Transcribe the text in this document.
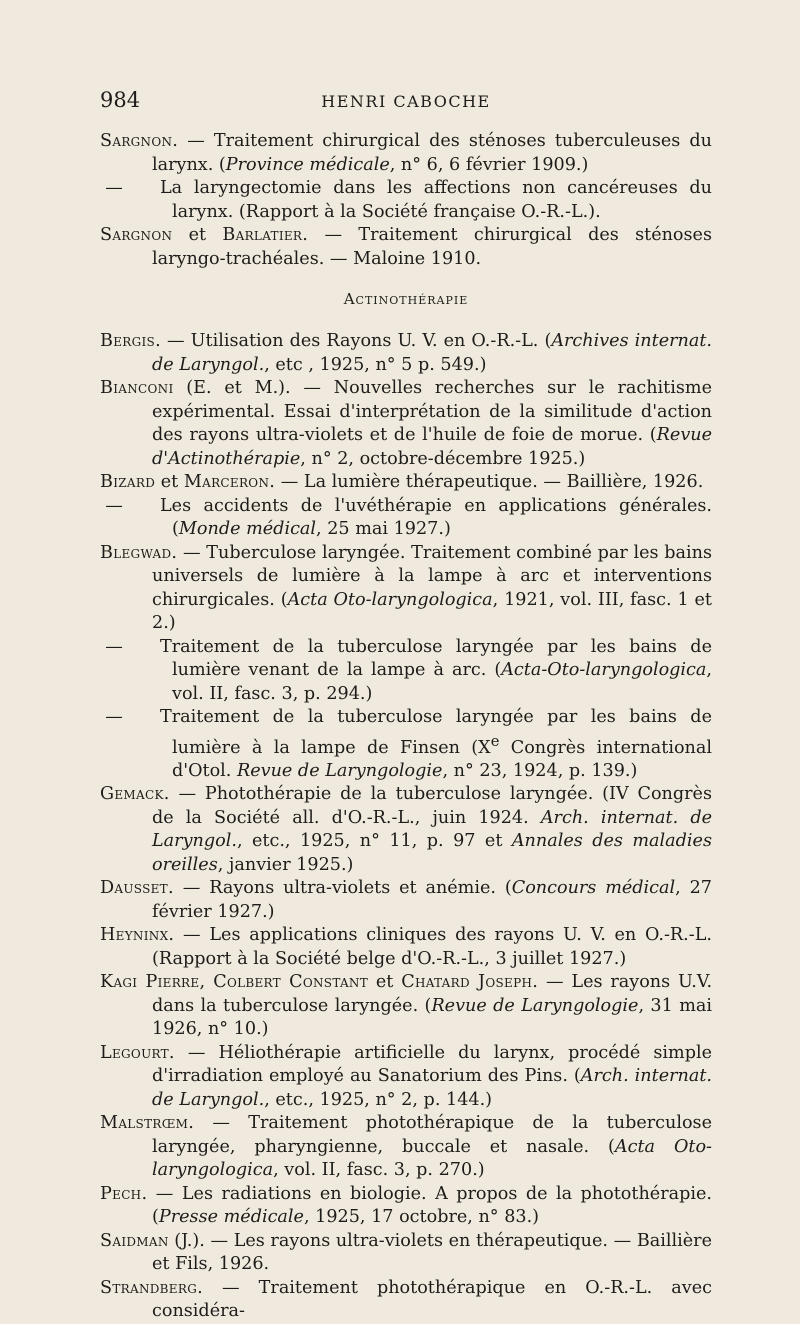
984	HENRI CABOCHE
Sargnon. — Traitement chirurgical des sténoses tuberculeuses du larynx. (Province médicale, n° 6, 6 février 1909.)
— La laryngectomie dans les affections non cancéreuses du larynx. (Rapport à la Société française O.-R.-L.).
Sargnon et Barlatier. — Traitement chirurgical des sténoses laryngo-trachéales. — Maloine 1910.
Actinothérapie
Bergis. — Utilisation des Rayons U. V. en O.-R.-L. (Archives internat. de Laryngol., etc , 1925, n° 5 p. 549.)
Bianconi (E. et M.). — Nouvelles recherches sur le rachitisme expérimental. Essai d'interprétation de la similitude d'action des rayons ultra-violets et de l'huile de foie de morue. (Revue d'Actinothérapie, n° 2, octobre-décembre 1925.)
Bizard et Marceron. — La lumière thérapeutique. — Baillière, 1926.
— Les accidents de l'uvéthérapie en applications générales. (Monde médical, 25 mai 1927.)
Blegwad. — Tuberculose laryngée. Traitement combiné par les bains universels de lumière à la lampe à arc et interventions chirurgicales. (Acta Oto-laryngologica, 1921, vol. III, fasc. 1 et 2.)
— Traitement de la tuberculose laryngée par les bains de lumière venant de la lampe à arc. (Acta-Oto-laryngologica, vol. II, fasc. 3, p. 294.)
— Traitement de la tuberculose laryngée par les bains de lumière à la lampe de Finsen (Xe Congrès international d'Otol. Revue de Laryngologie, n° 23, 1924, p. 139.)
Gemack. — Photothérapie de la tuberculose laryngée. (IV Congrès de la Société all. d'O.-R.-L., juin 1924. Arch. internat. de Laryngol., etc., 1925, n° 11, p. 97 et Annales des maladies oreilles, janvier 1925.)
Dausset. — Rayons ultra-violets et anémie. (Concours médical, 27 février 1927.)
Heyninx. — Les applications cliniques des rayons U. V. en O.-R.-L. (Rapport à la Société belge d'O.-R.-L., 3 juillet 1927.)
Kagi Pierre, Colbert Constant et Chatard Joseph. — Les rayons U.V. dans la tuberculose laryngée. (Revue de Laryngologie, 31 mai 1926, n° 10.)
Legourt. — Héliothérapie artificielle du larynx, procédé simple d'irradiation employé au Sanatorium des Pins. (Arch. internat. de Laryngol., etc., 1925, n° 2, p. 144.)
Malstrœm. — Traitement photothérapique de la tuberculose laryngée, pharyngienne, buccale et nasale. (Acta Oto-laryngologica, vol. II, fasc. 3, p. 270.)
Pech. — Les radiations en biologie. A propos de la photothérapie. (Presse médicale, 1925, 17 octobre, n° 83.)
Saidman (J.). — Les rayons ultra-violets en thérapeutique. — Baillière et Fils, 1926.
Strandberg. — Traitement photothérapique en O.-R.-L. avec considéra-
